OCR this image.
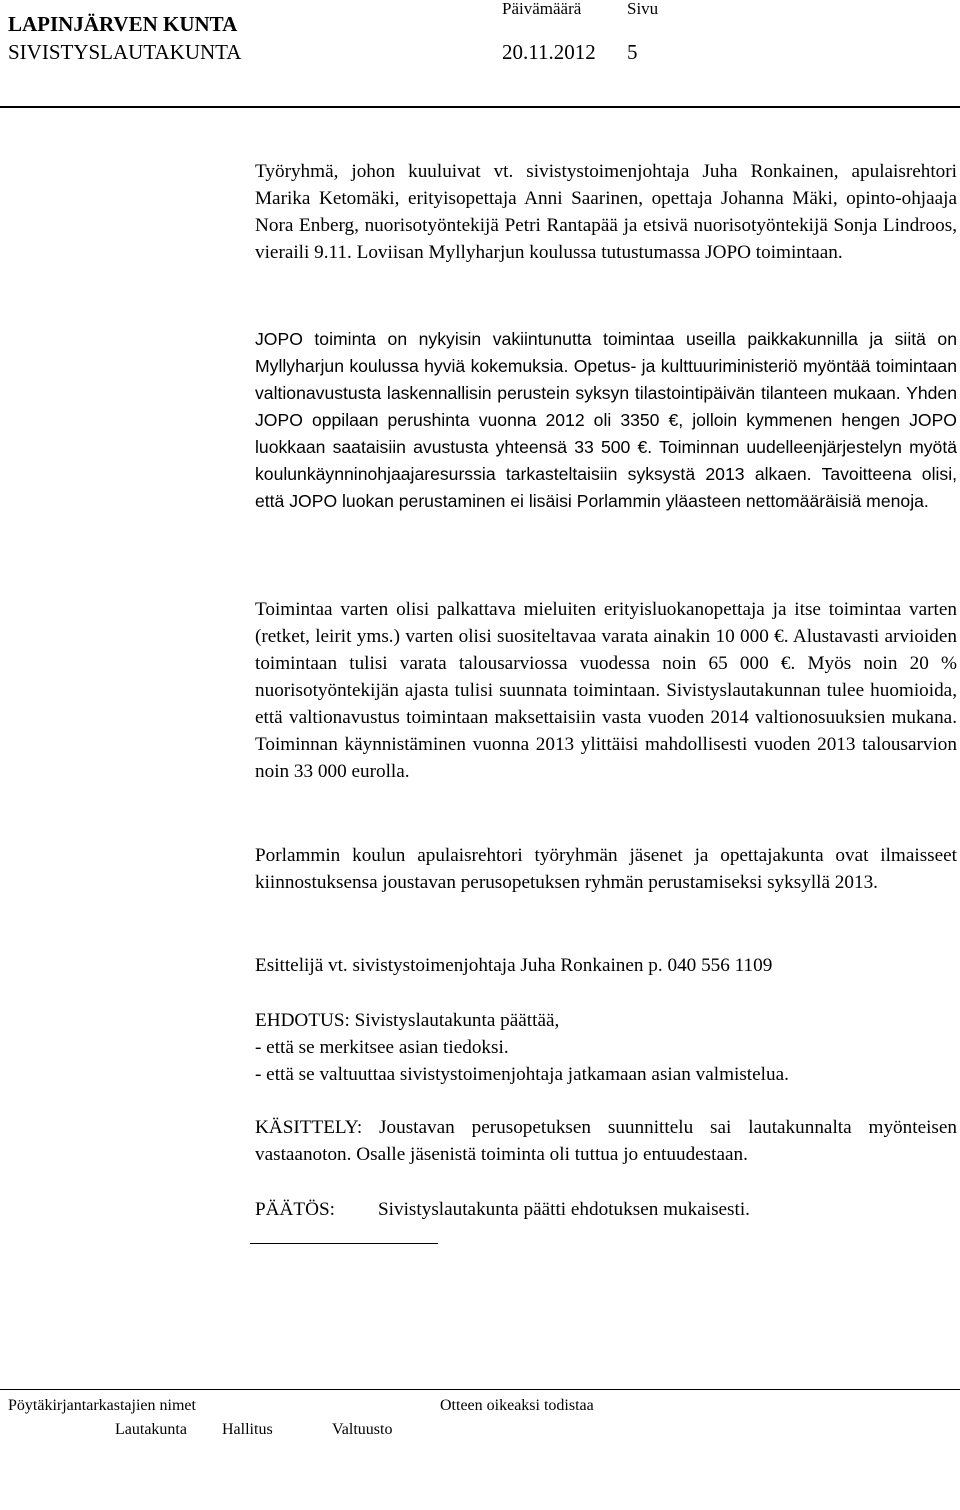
LAPINJÄRVEN KUNTA
SIVISTYSLAUTAKUNTA
Päivämäärä	Sivu
20.11.2012 5
Työryhmä, johon kuuluivat vt. sivistystoimenjohtaja Juha Ronkainen, apulaisrehtori Marika Ketomäki, erityisopettaja Anni Saarinen, opettaja Johanna Mäki, opinto-ohjaaja Nora Enberg, nuorisotyöntekijä Petri Rantapää ja etsivä nuorisotyöntekijä Sonja Lindroos, vieraili 9.11. Loviisan Myllyharjun koulussa tutustumassa JOPO toimintaan.
JOPO toiminta on nykyisin vakiintunutta toimintaa useilla paikkakunnilla ja siitä on Myllyharjun koulussa hyviä kokemuksia. Opetus- ja kulttuuriministeriö myöntää toimintaan valtionavustusta laskennallisin perustein syksyn tilastointipäivän tilanteen mukaan. Yhden JOPO oppilaan perushinta vuonna 2012 oli 3350 €, jolloin kymmenen hengen JOPO luokkaan saataisiin avustusta yhteensä 33 500 €. Toiminnan uudelleenjärjestelyn myötä koulunkäynninohjaajaresurssia tarkasteltaisiin syksystä 2013 alkaen. Tavoitteena olisi, että JOPO luokan perustaminen ei lisäisi Porlammin yläasteen nettomääräisiä menoja.
Toimintaa varten olisi palkattava mieluiten erityisluokanopettaja ja itse toimintaa varten (retket, leirit yms.) varten olisi suositeltavaa varata ainakin 10 000 €. Alustavasti arvioiden toimintaan tulisi varata talousarviossa vuodessa noin 65 000 €. Myös noin 20 % nuorisotyöntekijän ajasta tulisi suunnata toimintaan. Sivistyslautakunnan tulee huomioida, että valtionavustus toimintaan maksettaisiin vasta vuoden 2014 valtionosuuksien mukana. Toiminnan käynnistäminen vuonna 2013 ylittäisi mahdollisesti vuoden 2013 talousarvion noin 33 000 eurolla.
Porlammin koulun apulaisrehtori työryhmän jäsenet ja opettajakunta ovat ilmaisseet kiinnostuksensa joustavan perusopetuksen ryhmän perustamiseksi syksyllä 2013.
Esittelijä vt. sivistystoimenjohtaja Juha Ronkainen p. 040 556 1109
EHDOTUS: Sivistyslautakunta päättää,
- että se merkitsee asian tiedoksi.
- että se valtuuttaa sivistystoimenjohtaja jatkamaan asian valmistelua.
KÄSITTELY: Joustavan perusopetuksen suunnittelu sai lautakunnalta myönteisen vastaanoton. Osalle jäsenistä toiminta oli tuttua jo entuudestaan.
PÄÄTÖS: Sivistyslautakunta päätti ehdotuksen mukaisesti.
Pöytäkirjantarkastajien nimet	Otteen oikeaksi todistaa
Lautakunta Hallitus	Valtuusto
